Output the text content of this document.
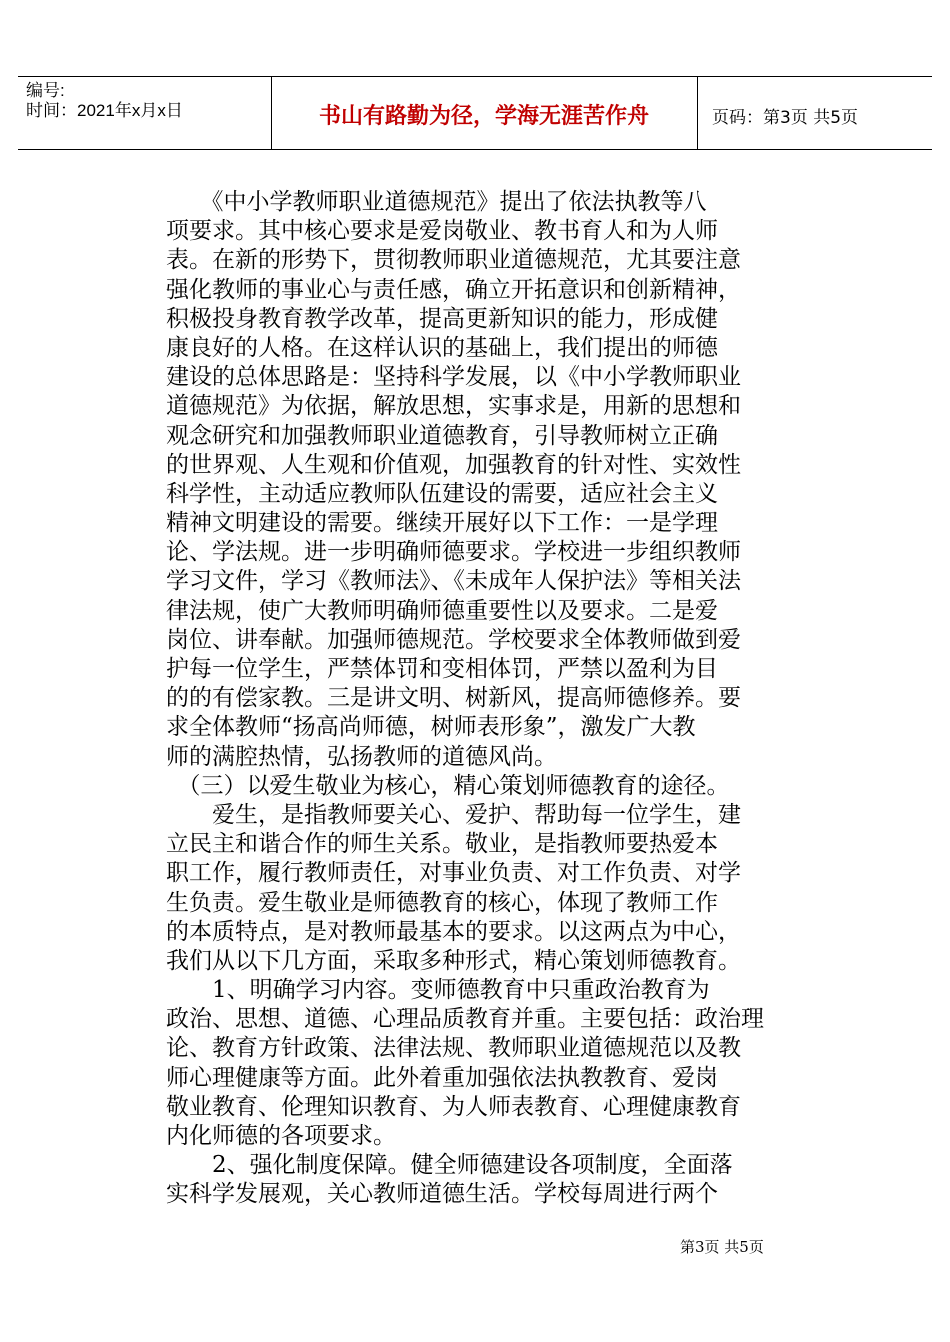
编号:
时间：2021年x月x日	书山有路勤为径，学海无涯苦作舟	页码：第3页 共5页
　　《中小学教师职业道德规范》提出了依法执教等八
项要求。其中核心要求是爱岗敬业、教书育人和为人师
表。在新的形势下，贯彻教师职业道德规范，尤其要注意
强化教师的事业心与责任感，确立开拓意识和创新精神，
积极投身教育教学改革，提高更新知识的能力，形成健
康良好的人格。在这样认识的基础上，我们提出的师德
建设的总体思路是：坚持科学发展，以《中小学教师职业
道德规范》为依据，解放思想，实事求是，用新的思想和
观念研究和加强教师职业道德教育，引导教师树立正确
的世界观、人生观和价值观，加强教育的针对性、实效性
科学性，主动适应教师队伍建设的需要，适应社会主义
精神文明建设的需要。继续开展好以下工作：一是学理
论、学法规。进一步明确师德要求。学校进一步组织教师
学习文件，学习《教师法》、《未成年人保护法》等相关法
律法规，使广大教师明确师德重要性以及要求。二是爱
岗位、讲奉献。加强师德规范。学校要求全体教师做到爱
护每一位学生，严禁体罚和变相体罚，严禁以盈利为目
的的有偿家教。三是讲文明、树新风，提高师德修养。要
求全体教师“扬高尚师德，树师表形象”，激发广大教
师的满腔热情，弘扬教师的道德风尚。
　（三）以爱生敬业为核心，精心策划师德教育的途径。
　　爱生，是指教师要关心、爱护、帮助每一位学生，建
立民主和谐合作的师生关系。敬业，是指教师要热爱本
职工作，履行教师责任，对事业负责、对工作负责、对学
生负责。爱生敬业是师德教育的核心，体现了教师工作
的本质特点，是对教师最基本的要求。以这两点为中心，
我们从以下几方面，采取多种形式，精心策划师德教育。
　　1、明确学习内容。变师德教育中只重政治教育为
政治、思想、道德、心理品质教育并重。主要包括：政治理
论、教育方针政策、法律法规、教师职业道德规范以及教
师心理健康等方面。此外着重加强依法执教教育、爱岗
敬业教育、伦理知识教育、为人师表教育、心理健康教育
内化师德的各项要求。
　　2、强化制度保障。健全师德建设各项制度，全面落
实科学发展观，关心教师道德生活。学校每周进行两个
第3页 共5页
